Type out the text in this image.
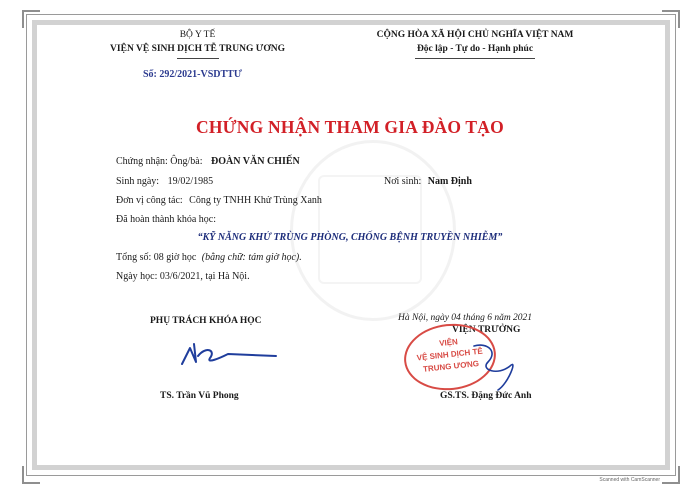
BỘ Y TẾ
VIỆN VỆ SINH DỊCH TỄ TRUNG ƯƠNG
Số: 292/2021-VSDTTƯ
CỘNG HÒA XÃ HỘI CHỦ NGHĨA VIỆT NAM
Độc lập - Tự do - Hạnh phúc
CHỨNG NHẬN THAM GIA ĐÀO TẠO
Chứng nhận: Ông/bà: ĐOÀN VĂN CHIẾN
Sinh ngày: 19/02/1985	Nơi sinh: Nam Định
Đơn vị công tác: Công ty TNHH Khử Trùng Xanh
Đã hoàn thành khóa học:
“KỸ NĂNG KHỬ TRÙNG PHÒNG, CHỐNG BỆNH TRUYỀN NHIỄM”
Tổng số: 08 giờ học (bằng chữ: tám giờ học).
Ngày học: 03/6/2021, tại Hà Nội.
PHỤ TRÁCH KHÓA HỌC
TS. Trần Vũ Phong
Hà Nội, ngày 04 tháng 6 năm 2021
VIỆN TRƯỞNG
VIỆN
VỆ SINH DỊCH TỄ
TRUNG ƯƠNG
GS.TS. Đặng Đức Anh
Scanned with CamScanner
